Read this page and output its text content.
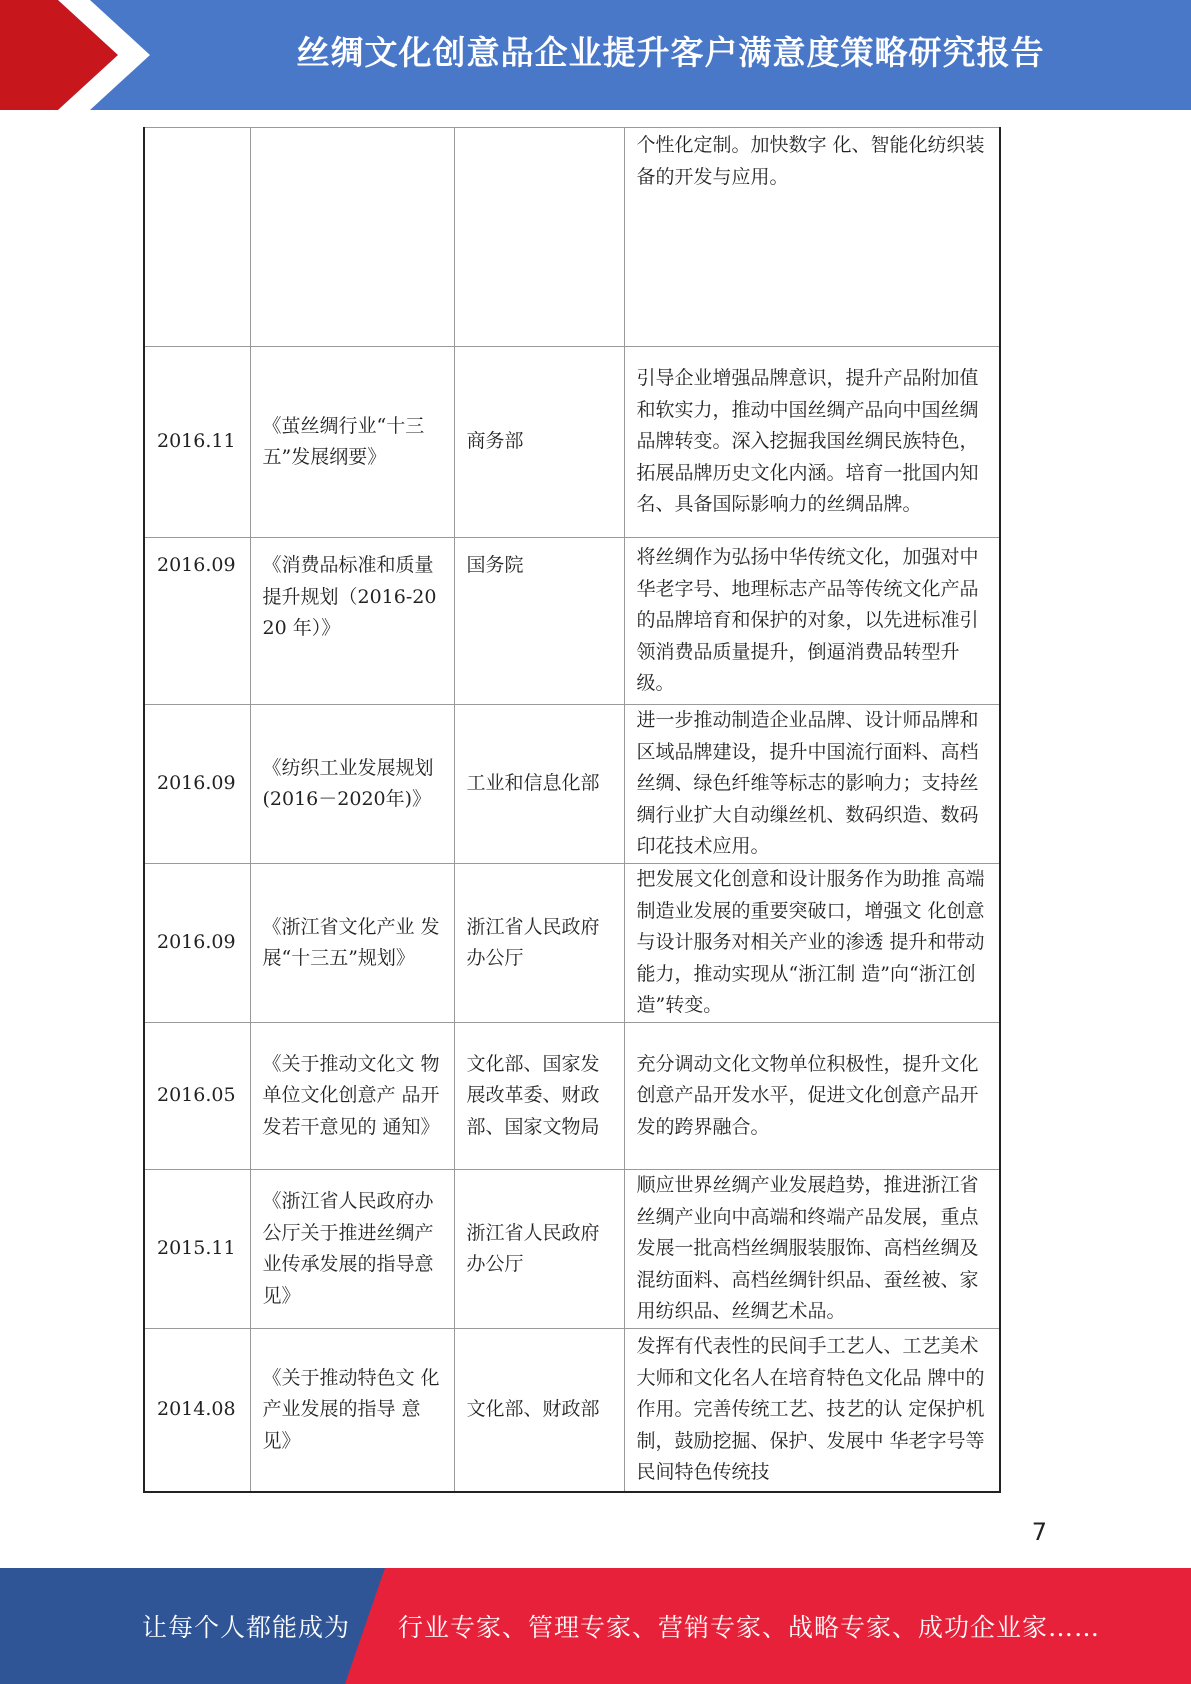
丝绸文化创意品企业提升客户满意度策略研究报告
			个性化定制。加快数字 化、智能化纺织装备的开发与应用。
2016.11	《茧丝绸行业“十三五”发展纲要》	商务部	引导企业增强品牌意识，提升产品附加值和软实力，推动中国丝绸产品向中国丝绸品牌转变。深入挖掘我国丝绸民族特色，拓展品牌历史文化内涵。培育一批国内知名、具备国际影响力的丝绸品牌。
2016.09	《消费品标准和质量提升规划（2016-2020 年）》	国务院	将丝绸作为弘扬中华传统文化，加强对中华老字号、地理标志产品等传统文化产品的品牌培育和保护的对象，以先进标准引领消费品质量提升，倒逼消费品转型升级。
2016.09	《纺织工业发展规划(2016－2020年)》	工业和信息化部	进一步推动制造企业品牌、设计师品牌和区域品牌建设，提升中国流行面料、高档丝绸、绿色纤维等标志的影响力；支持丝绸行业扩大自动缫丝机、数码织造、数码印花技术应用。
2016.09	《浙江省文化产业 发展“十三五”规划》	浙江省人民政府 办公厅	把发展文化创意和设计服务作为助推 高端制造业发展的重要突破口，增强文 化创意与设计服务对相关产业的渗透 提升和带动能力，推动实现从“浙江制 造”向“浙江创造”转变。
2016.05	《关于推动文化文 物单位文化创意产 品开发若干意见的 通知》	文化部、国家发 展改革委、财政 部、国家文物局	充分调动文化文物单位积极性，提升文化创意产品开发水平，促进文化创意产品开发的跨界融合。
2015.11	《浙江省人民政府办公厅关于推进丝绸产业传承发展的指导意见》	浙江省人民政府办公厅	顺应世界丝绸产业发展趋势，推进浙江省丝绸产业向中高端和终端产品发展，重点发展一批高档丝绸服装服饰、高档丝绸及混纺面料、高档丝绸针织品、蚕丝被、家用纺织品、丝绸艺术品。
2014.08	《关于推动特色文 化产业发展的指导 意见》	文化部、财政部	发挥有代表性的民间手工艺人、工艺美术大师和文化名人在培育特色文化品 牌中的作用。完善传统工艺、技艺的认 定保护机制，鼓励挖掘、保护、发展中 华老字号等民间特色传统技
7
让每个人都能成为 行业专家、管理专家、营销专家、战略专家、成功企业家……
